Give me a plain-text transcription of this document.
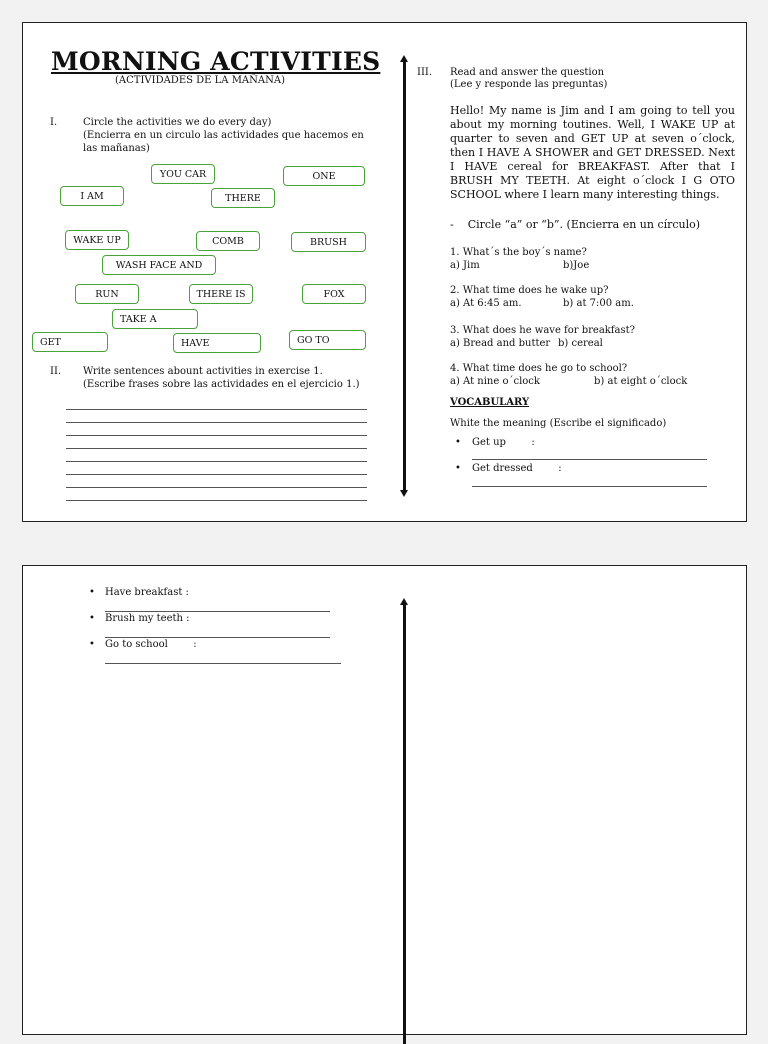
MORNING ACTIVITIES
(ACTIVIDADES DE LA MAÑANA)
I.	Circle the activities we do every day)
(Encierra en un circulo las actividades que hacemos en
las mañanas)
YOU CAR	ONE
I AM	THERE
WAKE UP	COMB	BRUSH
WASH FACE AND
RUN	THERE IS	FOX
TAKE A
GET	HAVE	GO TO
II. Write sentences abount activities in exercise 1.
(Escribe frases sobre las actividades en el ejercicio 1.)
III. Read and answer the question
(Lee y responde las preguntas)
Hello! My name is Jim and I am going to tell you about my morning toutines. Well, I WAKE UP at quarter to seven and GET UP at seven o´clock, then I HAVE A SHOWER and GET DRESSED. Next I HAVE cereal for BREAKFAST. After that I BRUSH MY TEETH. At eight o´clock I G OTO SCHOOL where I learn many interesting things.
-    Circle “a” or “b”. (Encierra en un círculo)
1. What´s the boy´s name?
a) Jim	b)Joe
2. What time does he wake up?
a) At 6:45 am.	b) at 7:00 am.
3. What does he wave for breakfast?
a) Bread and butter b) cereal
4. What time does he go to school?
a) At nine o´clock	b) at eight o´clock
VOCABULARY
White the meaning (Escribe el significado)
• Get up        :
• Get dressed        :
• Have breakfast :
• Brush my teeth :
• Go to school        :
